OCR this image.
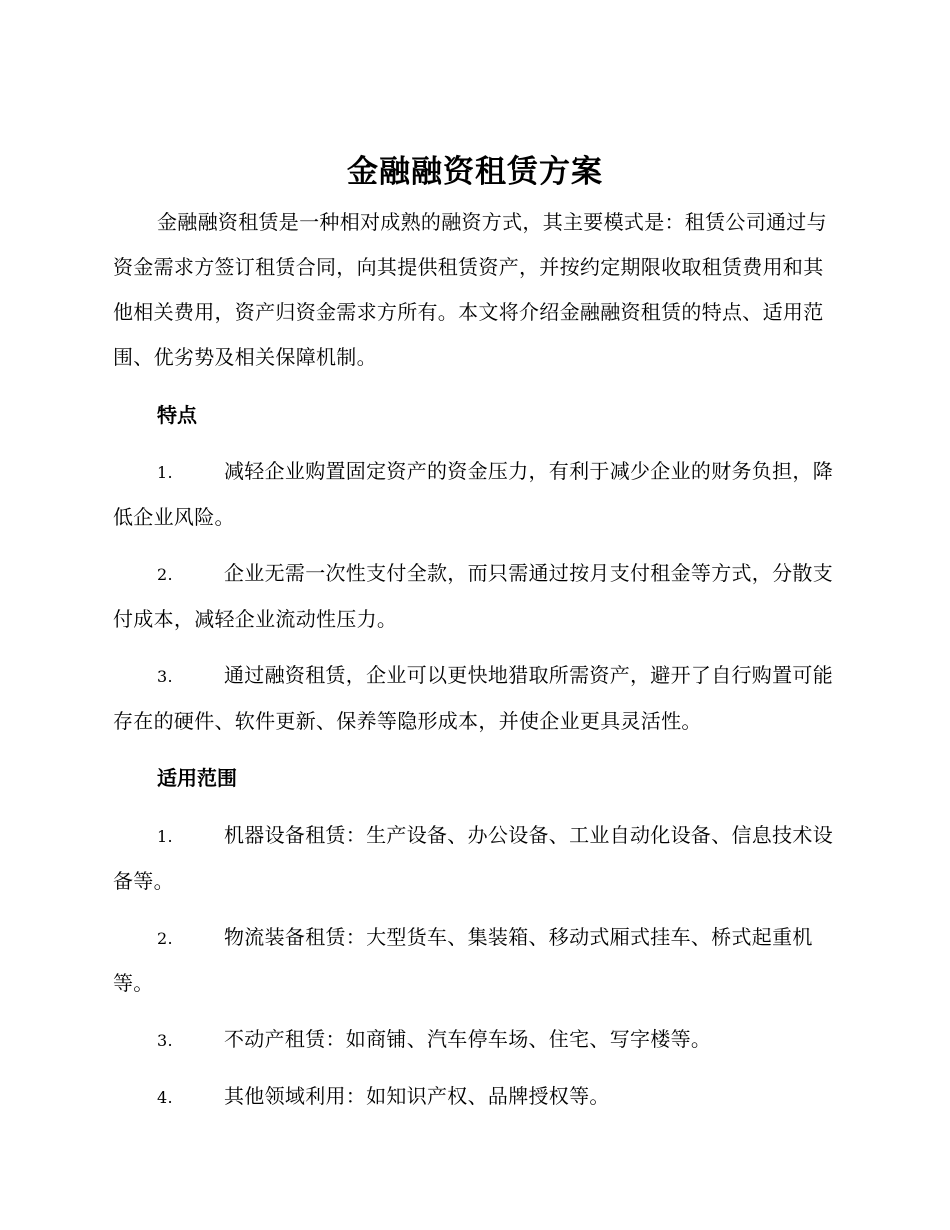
金融融资租赁方案

金融融资租赁是一种相对成熟的融资方式，其主要模式是：租赁公司通过与资金需求方签订租赁合同，向其提供租赁资产，并按约定期限收取租赁费用和其他相关费用，资产归资金需求方所有。本文将介绍金融融资租赁的特点、适用范围、优劣势及相关保障机制。

特点

1.	减轻企业购置固定资产的资金压力，有利于减少企业的财务负担，降低企业风险。

2.	企业无需一次性支付全款，而只需通过按月支付租金等方式，分散支付成本，减轻企业流动性压力。

3.	通过融资租赁，企业可以更快地猎取所需资产，避开了自行购置可能存在的硬件、软件更新、保养等隐形成本，并使企业更具灵活性。

适用范围

1.	机器设备租赁：生产设备、办公设备、工业自动化设备、信息技术设备等。

2.	物流装备租赁：大型货车、集装箱、移动式厢式挂车、桥式起重机等。

3.	不动产租赁：如商铺、汽车停车场、住宅、写字楼等。

4.	其他领域利用：如知识产权、品牌授权等。
